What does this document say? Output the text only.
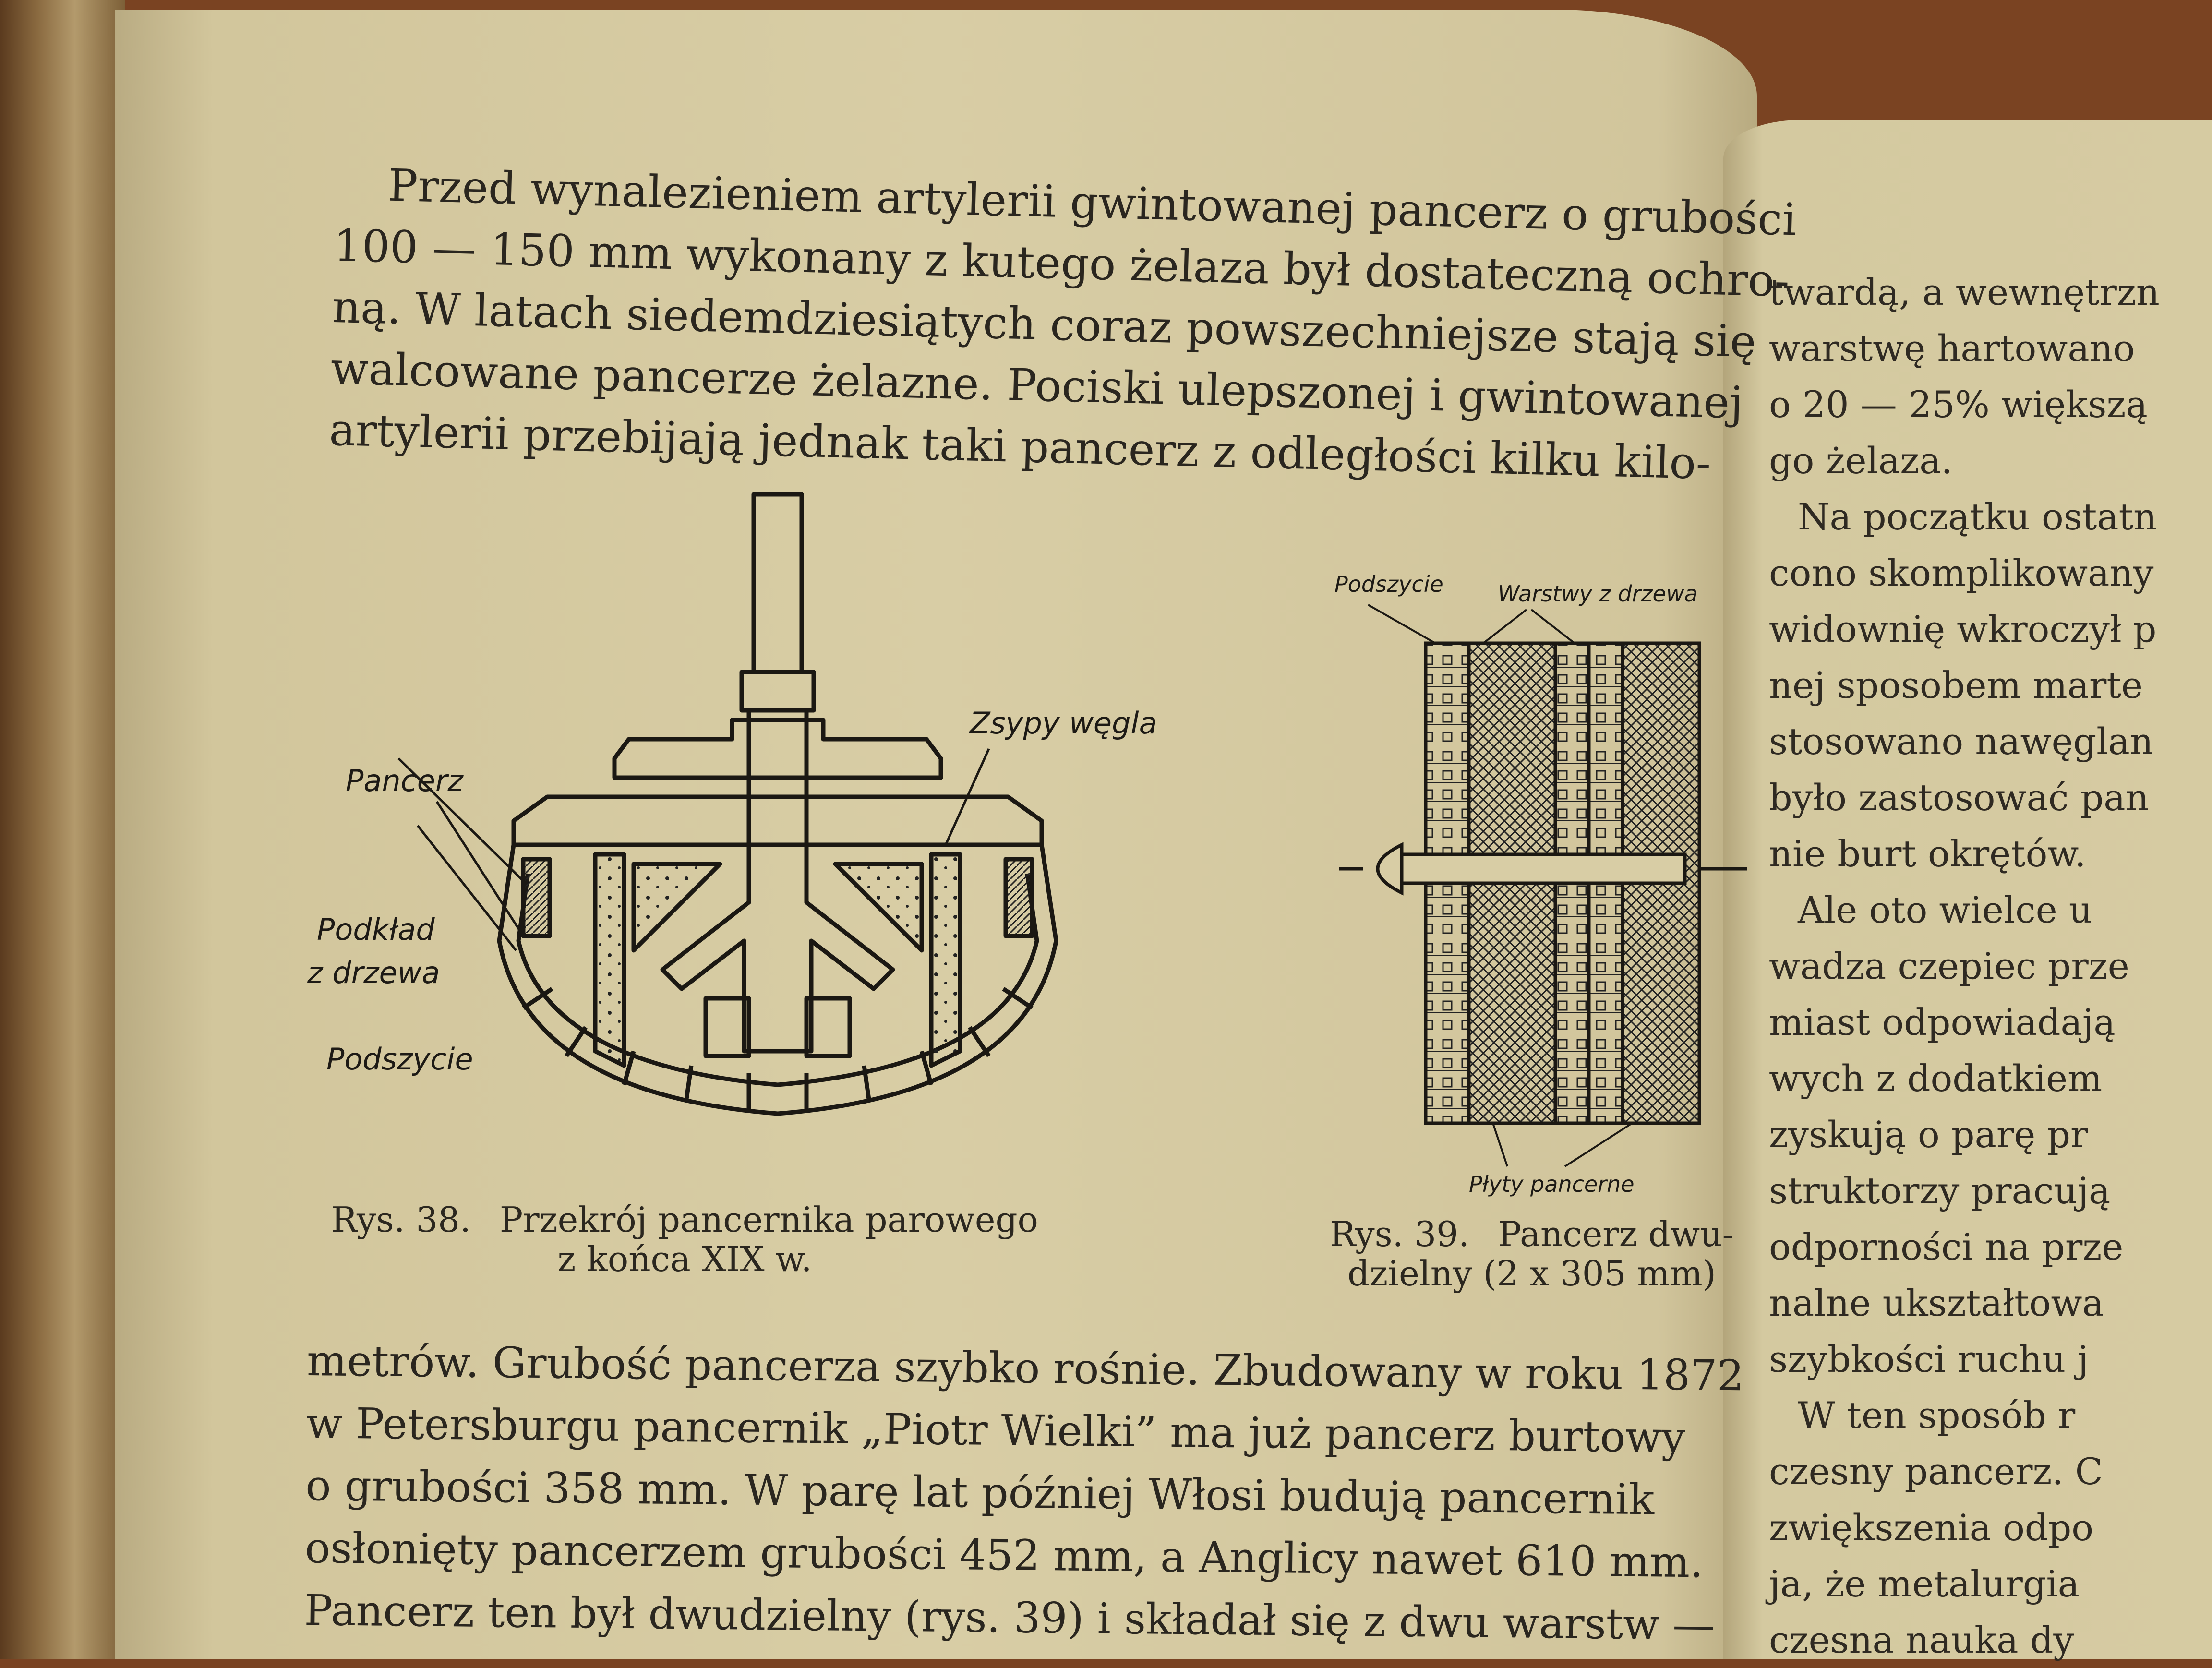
twardą, a wewnętrzn
warstwę hartowano
o 20 — 25% większą
go żelaza.
Na początku ostatn
cono skomplikowany
widownię wkroczył p
nej sposobem marte
stosowano nawęglan
było zastosować pan
nie burt okrętów.
Ale oto wielce u
wadza czepiec prze
miast odpowiadają
wych z dodatkiem
zyskują o parę pr
struktorzy pracują
odporności na prze
nalne ukształtowa
szybkości ruchu j
W ten sposób r
czesny pancerz. C
zwiększenia odpo
ja, że metalurgia
czesna nauka dy
Przed wynalezieniem artylerii gwintowanej pancerz o grubości
100 — 150 mm wykonany z kutego żelaza był dostateczną ochro-
ną. W latach siedemdziesiątych coraz powszechniejsze stają się
walcowane pancerze żelazne. Pociski ulepszonej i gwintowanej
artylerii przebijają jednak taki pancerz z odległości kilku kilo-
Pancerz
Podkład
z drzewa
Podszycie
Zsypy węgla
Podszycie Warstwy z drzewa
Płyty pancerne
Rys. 38. Przekrój pancernika parowego
z końca XIX w.
Rys. 39. Pancerz dwu-
dzielny (2 x 305 mm)
metrów. Grubość pancerza szybko rośnie. Zbudowany w roku 1872
w Petersburgu pancernik „Piotr Wielki” ma już pancerz burtowy
o grubości 358 mm. W parę lat później Włosi budują pancernik
osłonięty pancerzem grubości 452 mm, a Anglicy nawet 610 mm.
Pancerz ten był dwudzielny (rys. 39) i składał się z dwu warstw —
